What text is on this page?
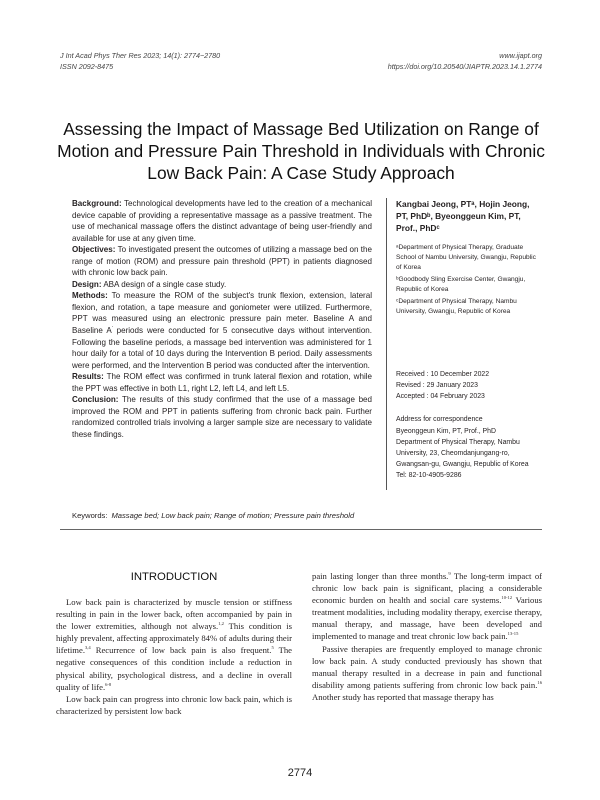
J Int Acad Phys Ther Res 2023; 14(1): 2774~2780
ISSN 2092-8475
www.ijapt.org
https://doi.org/10.20540/JIAPTR.2023.14.1.2774
Assessing the Impact of Massage Bed Utilization on Range of Motion and Pressure Pain Threshold in Individuals with Chronic Low Back Pain: A Case Study Approach

Background: Technological developments have led to the creation of a mechanical device capable of providing a representative massage as a passive treatment. The use of mechanical massage offers the distinct advantage of being user-friendly and available for use at any given time.

Objectives: To investigated present the outcomes of utilizing a massage bed on the range of motion (ROM) and pressure pain threshold (PPT) in patients diagnosed with chronic low back pain.

Design: ABA design of a single case study.

Methods: To measure the ROM of the subject's trunk flexion, extension, lateral flexion, and rotation, a tape measure and goniometer were utilized. Furthermore, PPT was measured using an electronic pressure pain meter. Baseline A and Baseline A' periods were conducted for 5 consecutive days without intervention. Following the baseline periods, a massage bed intervention was administered for 1 hour daily for a total of 10 days during the Intervention B period. Daily assessments were performed, and the Intervention B period was conducted after the intervention.

Results: The ROM effect was confirmed in trunk lateral flexion and rotation, while the PPT was effective in both L1, right L2, left L4, and left L5.

Conclusion: The results of this study confirmed that the use of a massage bed improved the ROM and PPT in patients suffering from chronic back pain. Further randomized controlled trials involving a larger sample size are necessary to validate these findings.

Kangbai Jeong, PTᵃ, Hojin Jeong, PT, PhDᵇ, Byeonggeun Kim, PT, Prof., PhDᶜ

ᵃDepartment of Physical Therapy, Graduate School of Nambu University, Gwangju, Republic of Korea

ᵇGoodbody Sling Exercise Center, Gwangju, Republic of Korea

ᶜDepartment of Physical Therapy, Nambu University, Gwangju, Republic of Korea

Received : 10 December 2022

Revised : 29 January 2023

Accepted : 04 February 2023

Address for correspondence

Byeonggeun Kim, PT, Prof., PhD

Department of Physical Therapy, Nambu University, 23, Cheomdanjungang-ro, Gwangsan-gu, Gwangju, Republic of Korea

Tel: 82-10-4905-9286

Keywords: Massage bed; Low back pain; Range of motion; Pressure pain threshold
INTRODUCTION

Low back pain is characterized by muscle tension or stiffness resulting in pain in the lower back, often accompanied by pain in the lower extremities, although not always.$^{1,2}$ This condition is highly prevalent, affecting approximately 84% of adults during their lifetime.$^{3,4}$ Recurrence of low back pain is also frequent.$^5$ The negative consequences of this condition include a reduction in physical ability, psychological distress, and a decline in overall quality of life.$^{6-8}$

Low back pain can progress into chronic low back pain, which is characterized by persistent low back

pain lasting longer than three months.$^9$ The long-term impact of chronic low back pain is significant, placing a considerable economic burden on health and social care systems.$^{10-12}$ Various treatment modalities, including modality therapy, exercise therapy, manual therapy, and massage, have been developed and implemented to manage and treat chronic low back pain.$^{13-15}$

Passive therapies are frequently employed to manage chronic low back pain. A study conducted previously has shown that manual therapy resulted in a decrease in pain and functional disability among patients suffering from chronic low back pain.$^{16}$ Another study has reported that massage therapy has

2774
